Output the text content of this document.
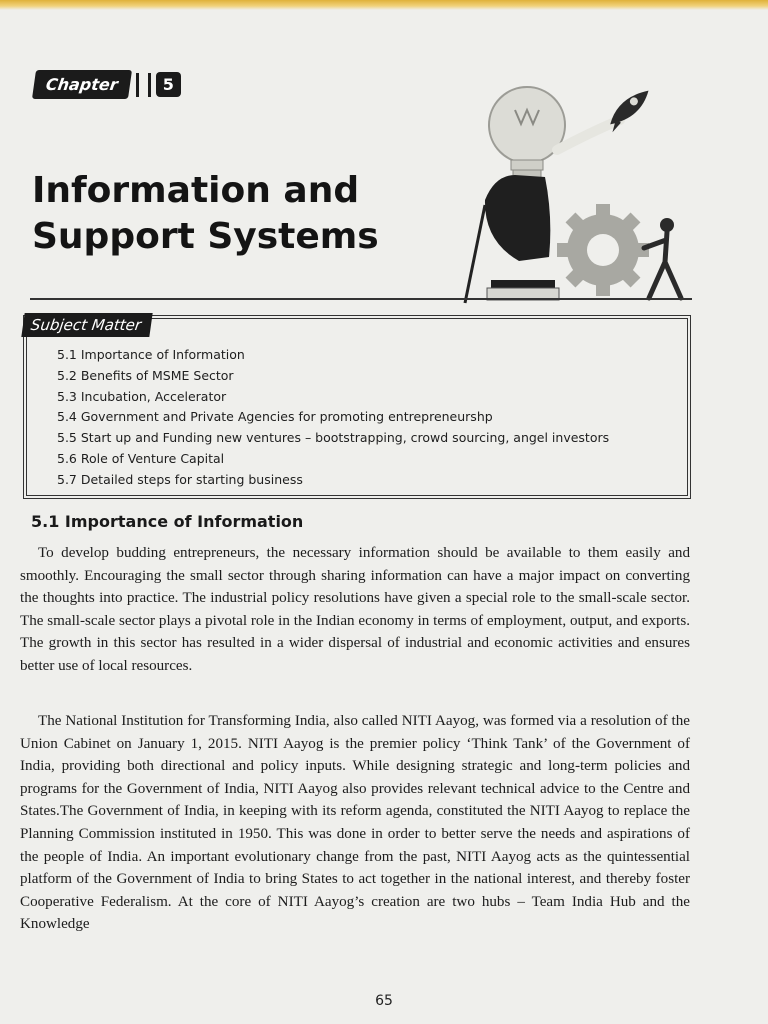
Chapter	5
Information and
Support Systems
Subject Matter
5.1 Importance of Information
5.2 Benefits of MSME Sector
5.3 Incubation, Accelerator
5.4 Government and Private Agencies for promoting entrepreneurshp
5.5 Start up and Funding new ventures – bootstrapping, crowd sourcing, angel investors
5.6 Role of Venture Capital
5.7 Detailed steps for starting business
5.1 Importance of Information

To develop budding entrepreneurs, the necessary information should be available to them easily and smoothly. Encouraging the small sector through sharing information can have a major impact on converting the thoughts into practice. The industrial policy resolutions have given a special role to the small-scale sector. The small-scale sector plays a pivotal role in the Indian economy in terms of employment, output, and exports. The growth in this sector has resulted in a wider dispersal of industrial and economic activities and ensures better use of local resources.

The National Institution for Transforming India, also called NITI Aayog, was formed via a resolution of the Union Cabinet on January 1, 2015. NITI Aayog is the premier policy ‘Think Tank’ of the Government of India, providing both directional and policy inputs. While designing strategic and long-term policies and programs for the Government of India, NITI Aayog also provides relevant technical advice to the Centre and States.The Government of India, in keeping with its reform agenda, constituted the NITI Aayog to replace the Planning Commission instituted in 1950. This was done in order to better serve the needs and aspirations of the people of India. An important evolutionary change from the past, NITI Aayog acts as the quintessential platform of the Government of India to bring States to act together in the national interest, and thereby foster Cooperative Federalism. At the core of NITI Aayog’s creation are two hubs – Team India Hub and the Knowledge

65
